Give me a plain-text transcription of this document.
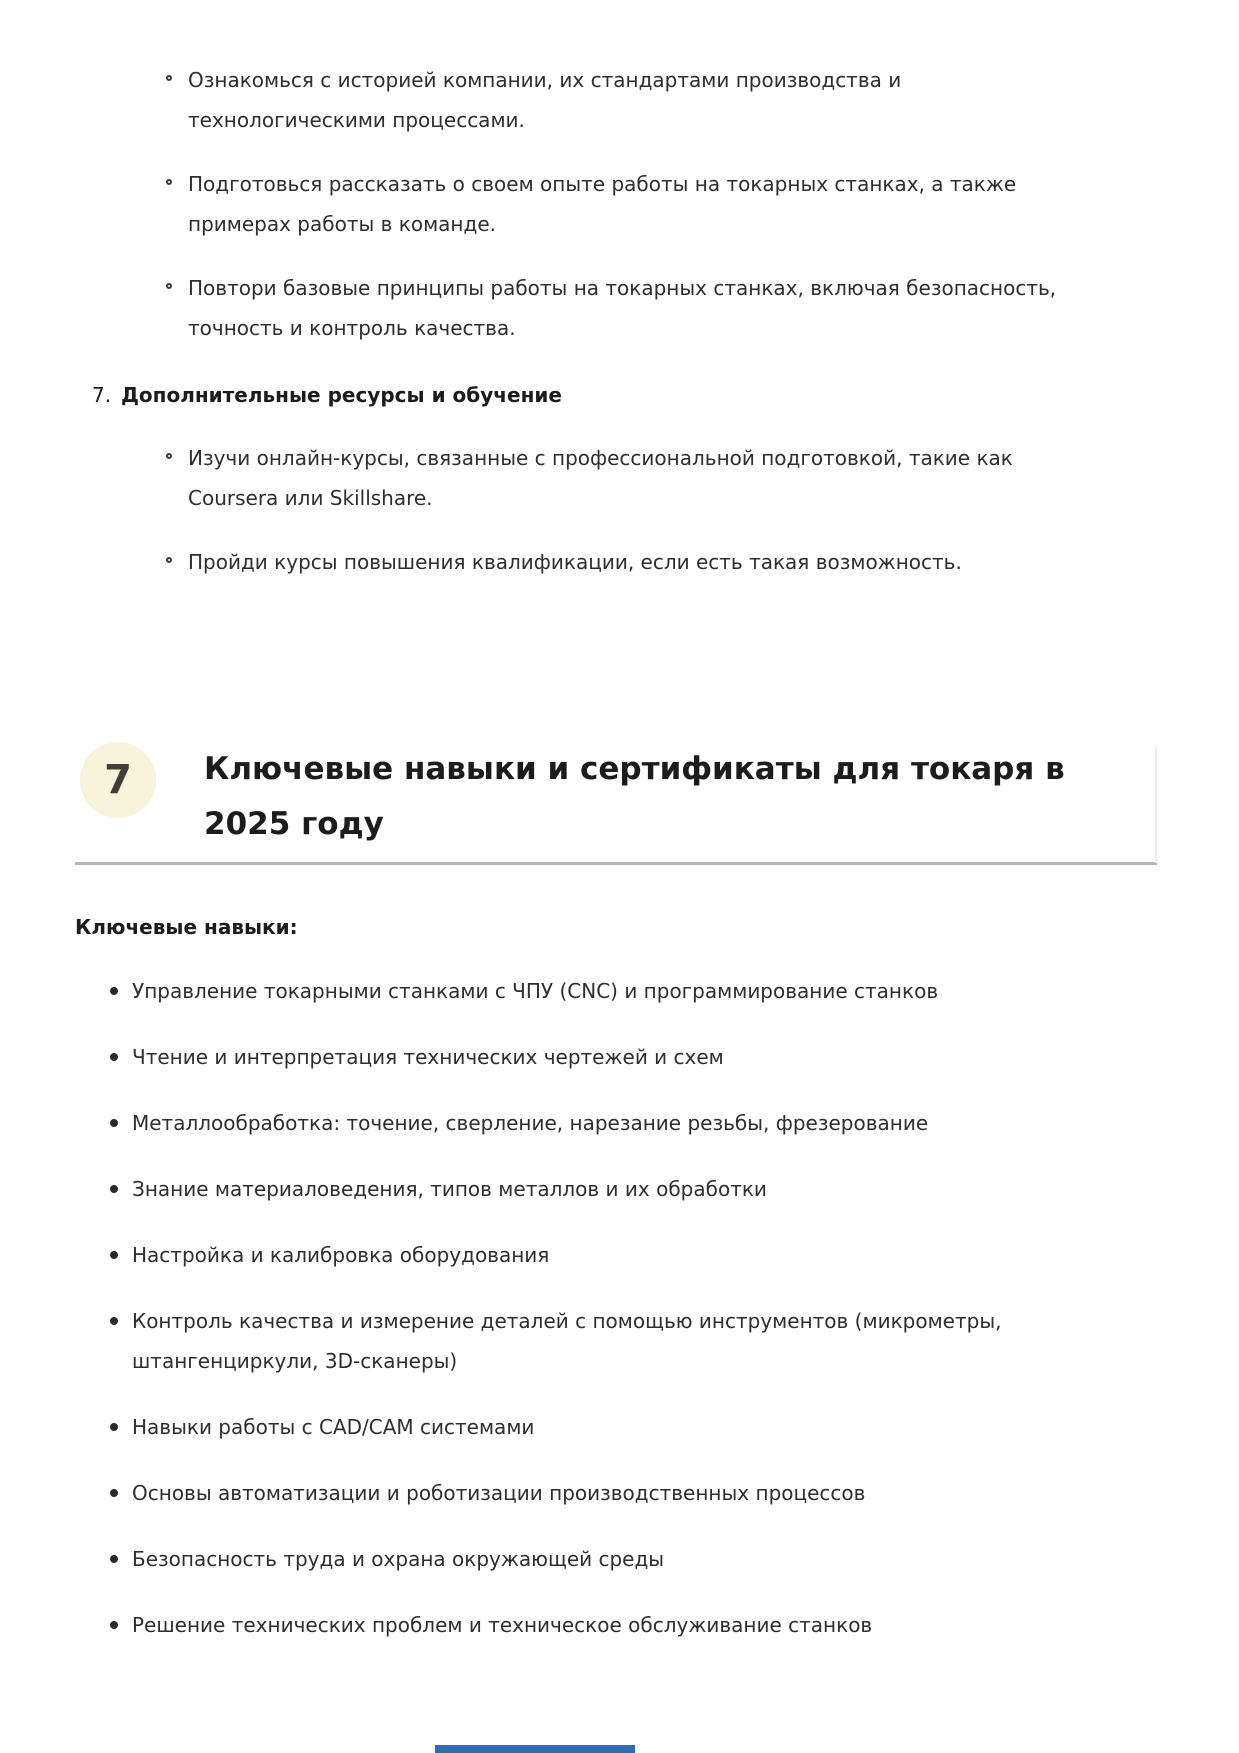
Ознакомься с историей компании, их стандартами производства и технологическими процессами.
Подготовься рассказать о своем опыте работы на токарных станках, а также примерах работы в команде.
Повтори базовые принципы работы на токарных станках, включая безопасность, точность и контроль качества.
7. Дополнительные ресурсы и обучение
Изучи онлайн-курсы, связанные с профессиональной подготовкой, такие как Coursera или Skillshare.
Пройди курсы повышения квалификации, если есть такая возможность.
7	Ключевые навыки и сертификаты для токаря в
2025 году
Ключевые навыки:
Управление токарными станками с ЧПУ (CNC) и программирование станков
Чтение и интерпретация технических чертежей и схем
Металлообработка: точение, сверление, нарезание резьбы, фрезерование
Знание материаловедения, типов металлов и их обработки
Настройка и калибровка оборудования
Контроль качества и измерение деталей с помощью инструментов (микрометры, штангенциркули, 3D-сканеры)
Навыки работы с CAD/CAM системами
Основы автоматизации и роботизации производственных процессов
Безопасность труда и охрана окружающей среды
Решение технических проблем и техническое обслуживание станков
